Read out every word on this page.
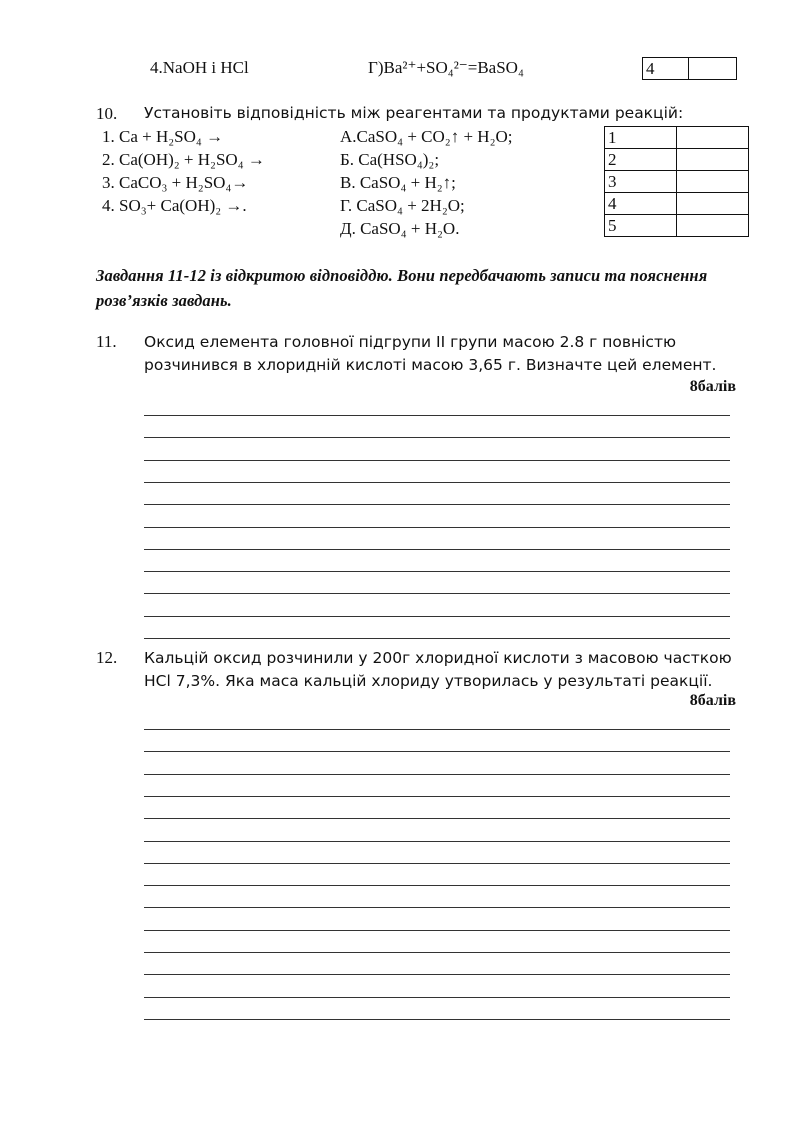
4.NaOH і HCl	Г)Ba²⁺+SO₄²⁻=BaSO₄	4	
10. Установіть відповідність між реагентами та продуктами реакцій:
1. Ca + H₂SO₄ →
2. Ca(OH)₂ + H₂SO₄ →
3. CaCO₃ + H₂SO₄→
4. SO₃+ Ca(OH)₂ →.
А.CaSO₄ + CO₂↑ + H₂O;
Б. Ca(HSO₄)₂;
В. CaSO₄ + H₂↑;
Г. CaSO₄ + 2H₂O;
Д. CaSO₄ + H₂O.
1	
2	
3	
4	
5	
Завдання 11-12 із відкритою відповіддю. Вони передбачають записи та пояснення розв’язків завдань.
11. Оксид елемента головної підгрупи II групи масою 2.8 г повністю розчинився в хлоридній кислоті масою 3,65 г. Визначте цей елемент.
8балів
12. Кальцій оксид розчинили у 200г хлоридної кислоти з масовою часткою HCl 7,3%. Яка маса кальцій хлориду утворилась у результаті реакції.
8балів
